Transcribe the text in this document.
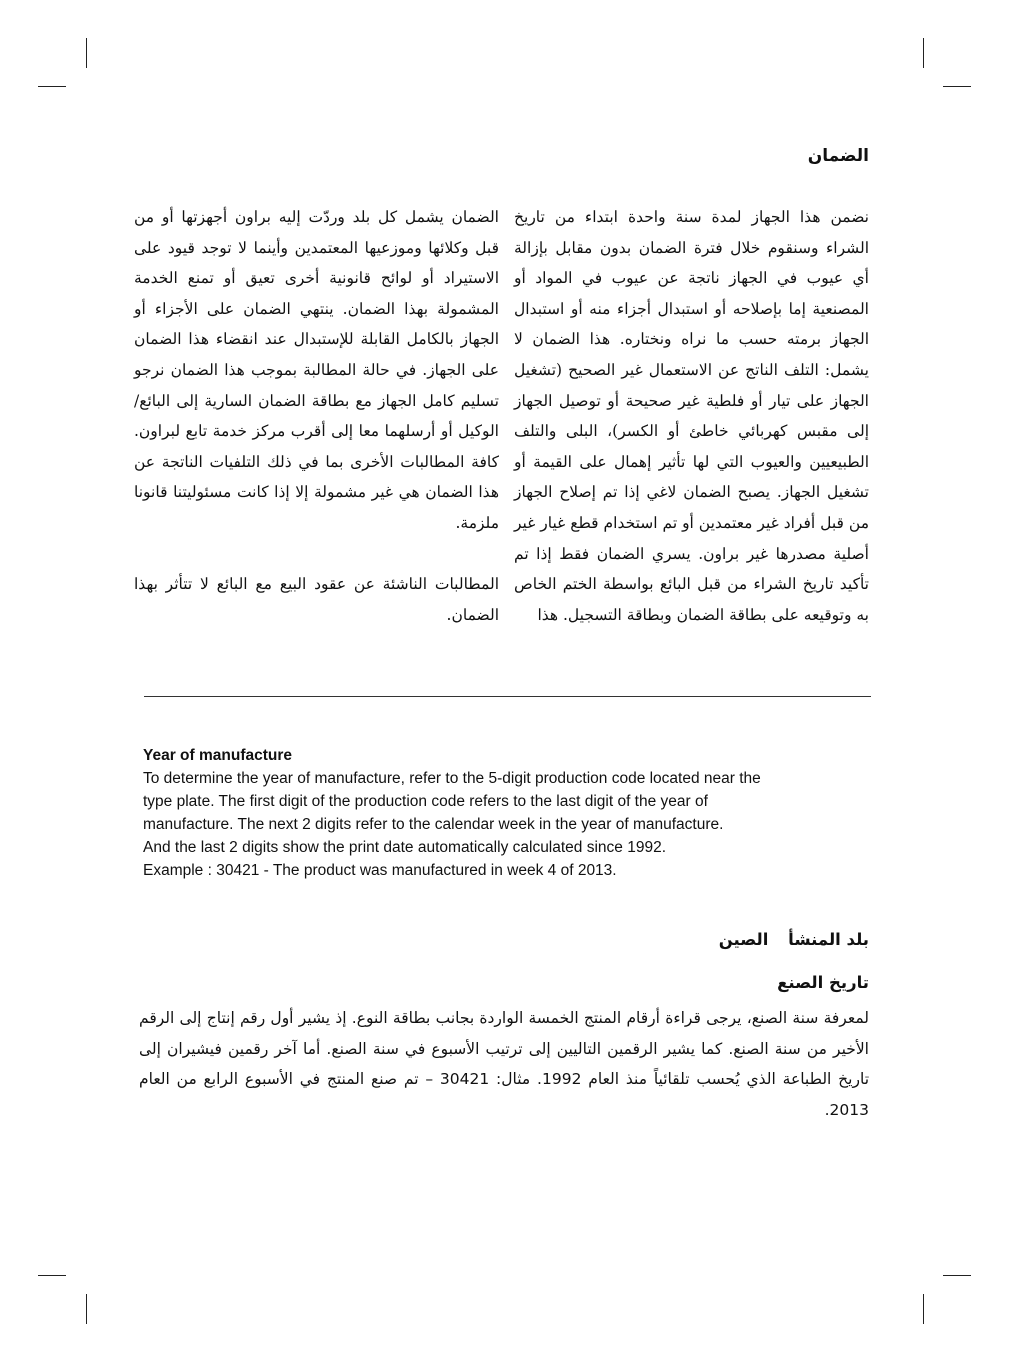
الضمان

نضمن هذا الجهاز لمدة سنة واحدة ابتداء من تاريخ الشراء وسنقوم خلال فترة الضمان بدون مقابل بإزالة أي عيوب في الجهاز ناتجة عن عيوب في المواد أو المصنعية إما بإصلاحه أو استبدال أجزاء منه أو استبدال الجهاز برمته حسب ما نراه ونختاره. هذا الضمان لا يشمل: التلف الناتج عن الاستعمال غير الصحيح (تشغيل الجهاز على تيار أو فلطية غير صحيحة أو توصيل الجهاز إلى مقبس كهربائي خاطئ أو الكسر)، البلى والتلف الطبيعيين والعيوب التي لها تأثير إهمال على القيمة أو تشغيل الجهاز. يصبح الضمان لاغي إذا تم إصلاح الجهاز من قبل أفراد غير معتمدين أو تم استخدام قطع غيار غير أصلية مصدرها غير براون. يسري الضمان فقط إذا تم تأكيد تاريخ الشراء من قبل البائع بواسطة الختم الخاص به وتوقيعه على بطاقة الضمان وبطاقة التسجيل. هذا

الضمان يشمل كل بلد وردّت إليه براون أجهزتها أو من قبل وكلائها وموزعيها المعتمدين وأينما لا توجد قيود على الاستيراد أو لوائح قانونية أخرى تعيق أو تمنع الخدمة المشمولة بهذا الضمان. ينتهي الضمان على الأجزاء أو الجهاز بالكامل القابلة للإستبدال عند انقضاء هذا الضمان على الجهاز. في حالة المطالبة بموجب هذا الضمان نرجو تسليم كامل الجهاز مع بطاقة الضمان السارية إلى البائع/الوكيل أو أرسلهما معا إلى أقرب مركز خدمة تابع لبراون. كافة المطالبات الأخرى بما في ذلك التلفيات الناتجة عن هذا الضمان هي غير مشمولة إلا إذا كانت مسئوليتنا قانونا ملزمة.

المطالبات الناشئة عن عقود البيع مع البائع لا تتأثر بهذا الضمان.

Year of manufacture

To determine the year of manufacture, refer to the 5-digit production code located near the

type plate. The first digit of the production code refers to the last digit of the year of

manufacture. The next 2 digits refer to the calendar week in the year of manufacture.

And the last 2 digits show the print date automatically calculated since 1992.

Example : 30421 - The product was manufactured in week 4 of 2013.

بلد المنشأ الصين
تاريخ الصنع

لمعرفة سنة الصنع، يرجى قراءة أرقام المنتج الخمسة الواردة بجانب بطاقة النوع. إذ يشير أول رقم إنتاج إلى الرقم الأخير من سنة الصنع. كما يشير الرقمين التاليين إلى ترتيب الأسبوع في سنة الصنع. أما آخر رقمين فيشيران إلى تاريخ الطباعة الذي يُحسب تلقائياً منذ العام 1992. مثال: 30421 – تم صنع المنتج في الأسبوع الرابع من العام 2013.
